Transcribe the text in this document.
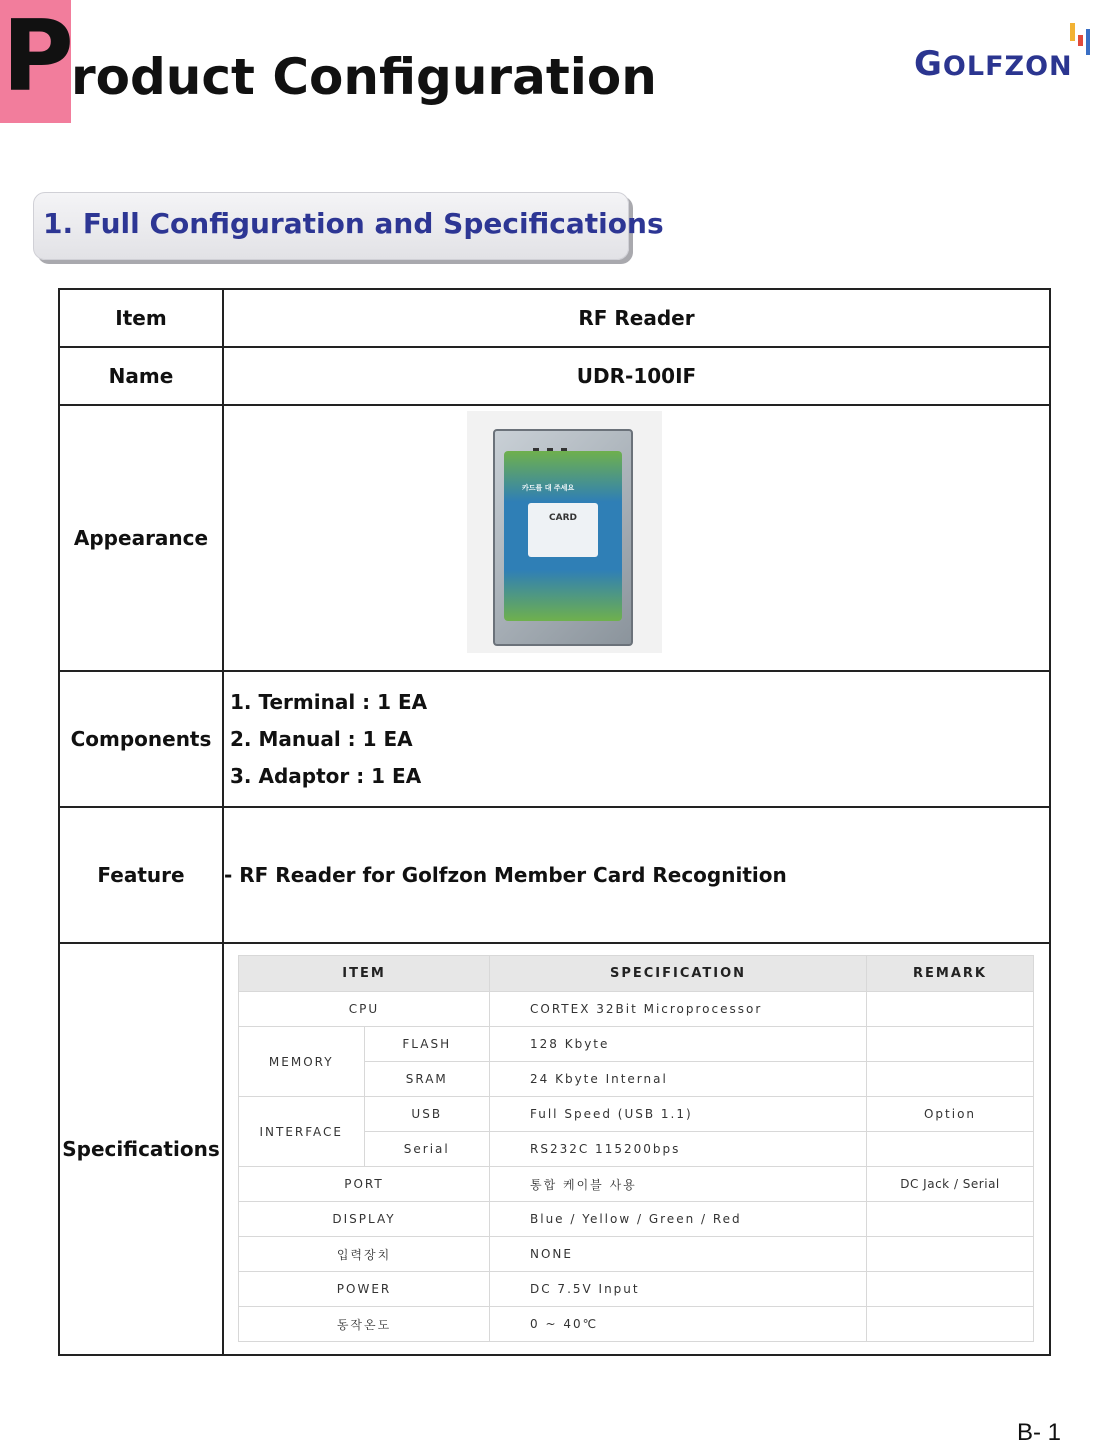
P
roduct Configuration	GOLFZON
1. Full Configuration and Specifications
Item	RF Reader
Name	UDR-100IF
Appearance	
카드를 대 주세요
CARD

Components	
1. Terminal : 1 EA
2. Manual : 1 EA
3. Adaptor : 1 EA

Feature	- RF Reader for Golfzon Member Card Recognition
Specifications	
ITEM	SPECIFICATION	REMARK
CPU	CORTEX 32Bit Microprocessor	
MEMORY	FLASH	128 Kbyte	
SRAM	24 Kbyte Internal	
INTERFACE	USB	Full Speed (USB 1.1)	Option
Serial	RS232C 115200bps	
PORT	통합 케이블 사용	DC Jack / Serial
DISPLAY	Blue / Yellow / Green / Red	
입력장치	NONE	
POWER	DC 7.5V Input	
동작온도	0 ~ 40℃	
B- 1
